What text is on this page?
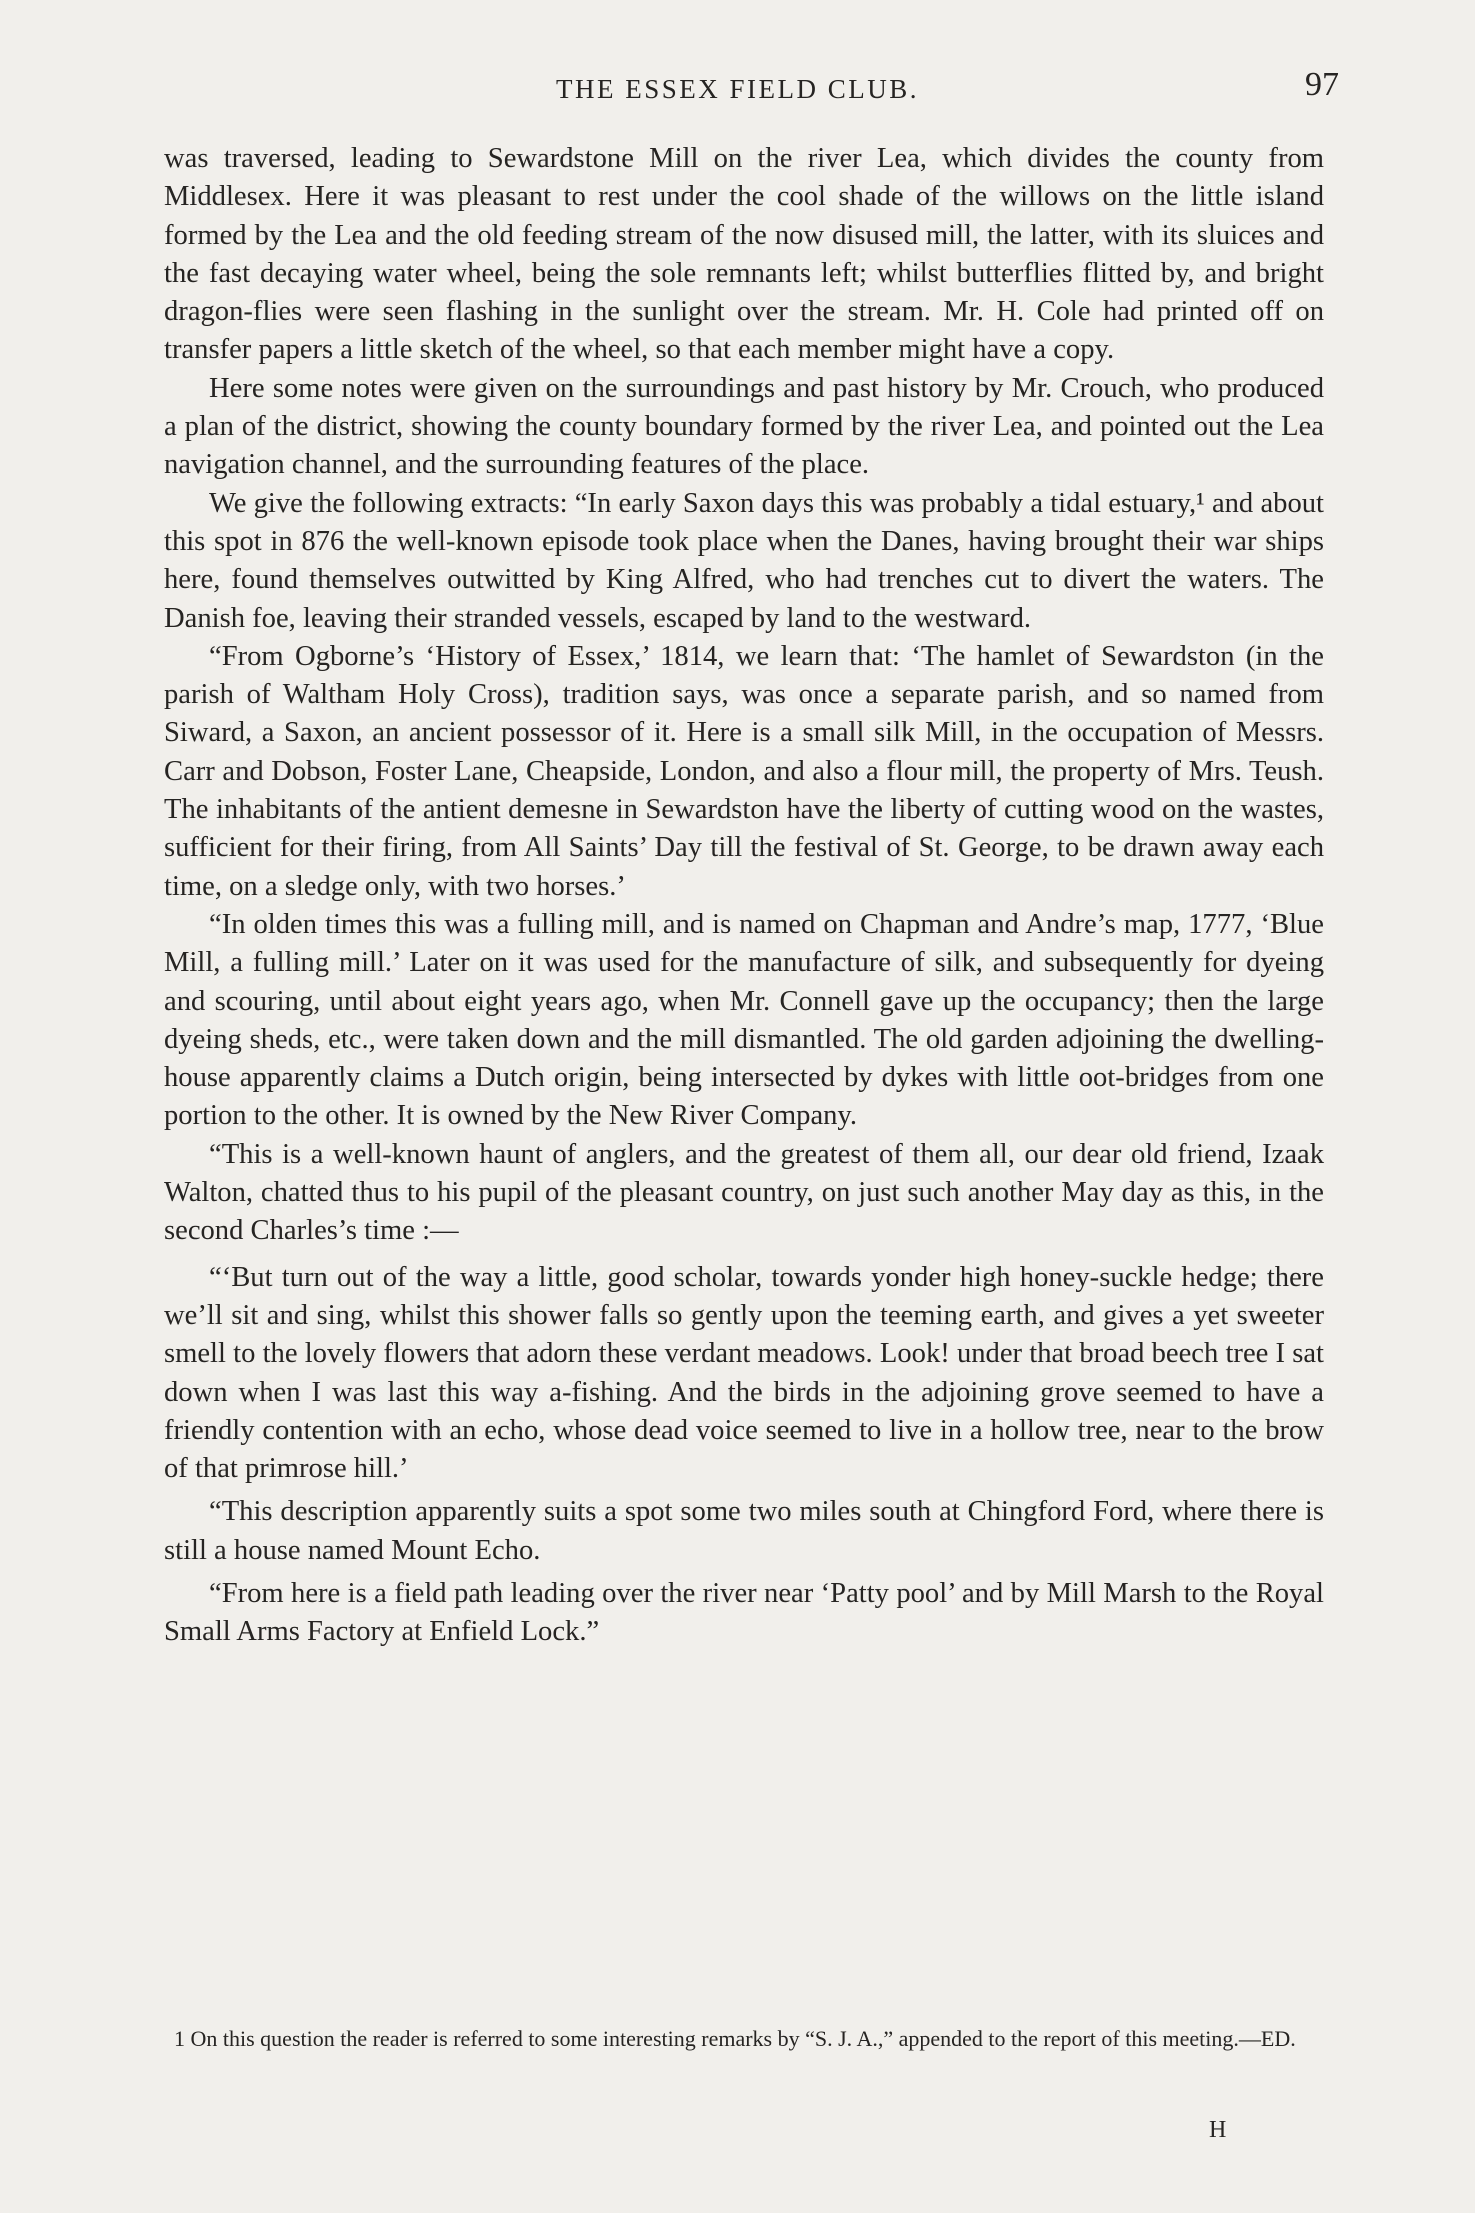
THE ESSEX FIELD CLUB.	97

was traversed, leading to Sewardstone Mill on the river Lea, which divides the county from Middlesex. Here it was pleasant to rest under the cool shade of the willows on the little island formed by the Lea and the old feeding stream of the now disused mill, the latter, with its sluices and the fast decaying water wheel, being the sole remnants left; whilst butterflies flitted by, and bright dragon-flies were seen flashing in the sunlight over the stream. Mr. H. Cole had printed off on transfer papers a little sketch of the wheel, so that each member might have a copy.

Here some notes were given on the surroundings and past history by Mr. Crouch, who produced a plan of the district, showing the county boundary formed by the river Lea, and pointed out the Lea navigation channel, and the surrounding features of the place.

We give the following extracts: “In early Saxon days this was probably a tidal estuary,¹ and about this spot in 876 the well-known episode took place when the Danes, having brought their war ships here, found themselves outwitted by King Alfred, who had trenches cut to divert the waters. The Danish foe, leaving their stranded vessels, escaped by land to the westward.

“From Ogborne’s ‘History of Essex,’ 1814, we learn that: ‘The hamlet of Sewardston (in the parish of Waltham Holy Cross), tradition says, was once a separate parish, and so named from Siward, a Saxon, an ancient possessor of it. Here is a small silk Mill, in the occupation of Messrs. Carr and Dobson, Foster Lane, Cheapside, London, and also a flour mill, the property of Mrs. Teush. The inhabitants of the antient demesne in Sewardston have the liberty of cutting wood on the wastes, sufficient for their firing, from All Saints’ Day till the festival of St. George, to be drawn away each time, on a sledge only, with two horses.’

“In olden times this was a fulling mill, and is named on Chapman and Andre’s map, 1777, ‘Blue Mill, a fulling mill.’ Later on it was used for the manufacture of silk, and subsequently for dyeing and scouring, until about eight years ago, when Mr. Connell gave up the occupancy; then the large dyeing sheds, etc., were taken down and the mill dismantled. The old garden adjoining the dwelling-house apparently claims a Dutch origin, being intersected by dykes with little oot-bridges from one portion to the other. It is owned by the New River Company.

“This is a well-known haunt of anglers, and the greatest of them all, our dear old friend, Izaak Walton, chatted thus to his pupil of the pleasant country, on just such another May day as this, in the second Charles’s time :—

“‘But turn out of the way a little, good scholar, towards yonder high honey-suckle hedge; there we’ll sit and sing, whilst this shower falls so gently upon the teeming earth, and gives a yet sweeter smell to the lovely flowers that adorn these verdant meadows. Look! under that broad beech tree I sat down when I was last this way a-fishing. And the birds in the adjoining grove seemed to have a friendly contention with an echo, whose dead voice seemed to live in a hollow tree, near to the brow of that primrose hill.’

“This description apparently suits a spot some two miles south at Chingford Ford, where there is still a house named Mount Echo.

“From here is a field path leading over the river near ‘Patty pool’ and by Mill Marsh to the Royal Small Arms Factory at Enfield Lock.”

1 On this question the reader is referred to some interesting remarks by “S. J. A.,” appended to the report of this meeting.—ED.

H
